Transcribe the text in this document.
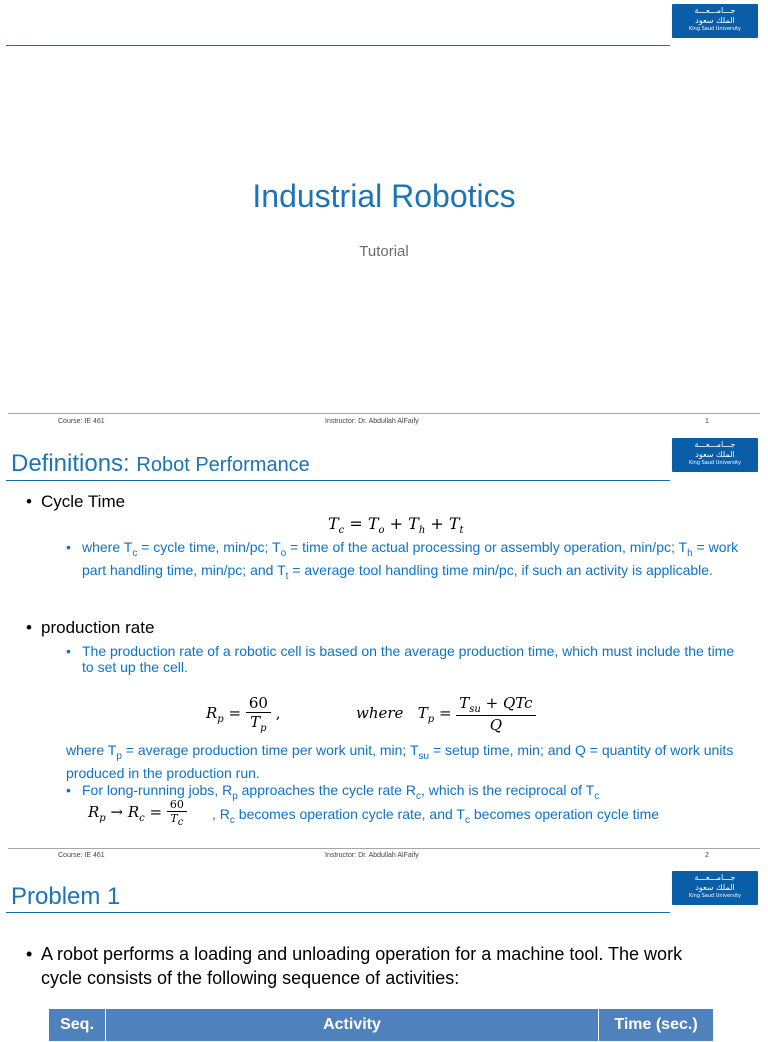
جـــامـــعـــة
الملك سعود
King Saud University
Industrial Robotics
Tutorial
Course: IE 461	Instructor: Dr. Abdullah AlFaify	1
Definitions: Robot Performance
جـــامـــعـــة
الملك سعود
King Saud University
• Cycle Time
$T_c = T_o + T_h + T_t$
• where $T_c$ = cycle time, min/pc; $T_o$ = time of the actual processing or assembly operation, min/pc; $T_h$ = work part handling time, min/pc; and $T_t$ = average tool handling time min/pc, if such an activity is applicable.
• production rate
• The production rate of a robotic cell is based on the average production time, which must include the time to set up the cell.
$R_p = \frac{60}{T_p}$ ,	where $T_p = \frac{T_{su} + QTc}{Q}$
where $T_p$ = average production time per work unit, min; $T_{su}$ = setup time, min; and Q = quantity of work units produced in the production run.
• For long-running jobs, $R_p$ approaches the cycle rate $R_c$, which is the reciprocal of $T_c$
$R_p \to R_c = \frac{60}{T_c}$ , $R_c$ becomes operation cycle rate, and $T_c$ becomes operation cycle time
Course: IE 461	Instructor: Dr. Abdullah AlFaify	2
Problem 1
جـــامـــعـــة
الملك سعود
King Saud University
• A robot performs a loading and unloading operation for a machine tool. The work cycle consists of the following sequence of activities:
Seq.	Activity	Time (sec.)
